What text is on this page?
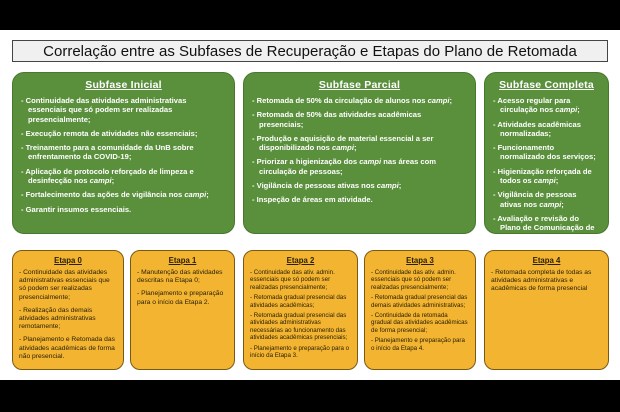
Correlação entre as Subfases de Recuperação e Etapas do Plano de Retomada
Subfase Inicial
- Continuidade das atividades administrativas essenciais que só podem ser realizadas presencialmente;
- Execução remota de atividades não essenciais;
- Treinamento para a comunidade da UnB sobre enfrentamento da COVID-19;
- Aplicação de protocolo reforçado de limpeza e desinfecção nos campi;
- Fortalecimento das ações de vigilância nos campi;
- Garantir insumos essenciais.
Subfase Parcial
- Retomada de 50% da circulação de alunos nos campi;
- Retomada de 50% das atividades acadêmicas presenciais;
- Produção e aquisição de material essencial a ser disponibilizado nos campi;
- Priorizar a higienização dos campi nas áreas com circulação de pessoas;
- Vigilância de pessoas ativas nos campi;
- Inspeção de áreas em atividade.
Subfase Completa
- Acesso regular para circulação nos campi;
- Atividades acadêmicas normalizadas;
- Funcionamento normalizado dos serviços;
- Higienização reforçada de todos os campi;
- Vigilância de pessoas ativas nos campi;
- Avaliação e revisão do Plano de Comunicação de Risco para a comunidade
Etapa 0
- Continuidade das atividades administrativas essenciais que só podem ser realizadas presencialmente;
- Realização das demais atividades administrativas remotamente;
- Planejamento e Retomada das atividades acadêmicas de forma não presencial.
Etapa 1
- Manutenção das atividades descritas na Etapa 0;
- Planejamento e preparação para o início da Etapa 2.
Etapa 2
- Continuidade das ativ. admin. essenciais que só podem ser realizadas presencialmente;
- Retomada gradual presencial das atividades acadêmicas;
- Retomada gradual presencial das atividades administrativas necessárias ao funcionamento das atividades acadêmicas presenciais;
- Planejamento e preparação para o início da Etapa 3.
Etapa 3
- Continuidade das ativ. admin. essenciais que só podem ser realizadas presencialmente;
- Retomada gradual presencial das demais atividades administrativas;
- Continuidade da retomada gradual das atividades acadêmicas de forma presencial;
- Planejamento e preparação para o início da Etapa 4.
Etapa 4
- Retomada completa de todas as atividades administrativas e acadêmicas de forma presencial
